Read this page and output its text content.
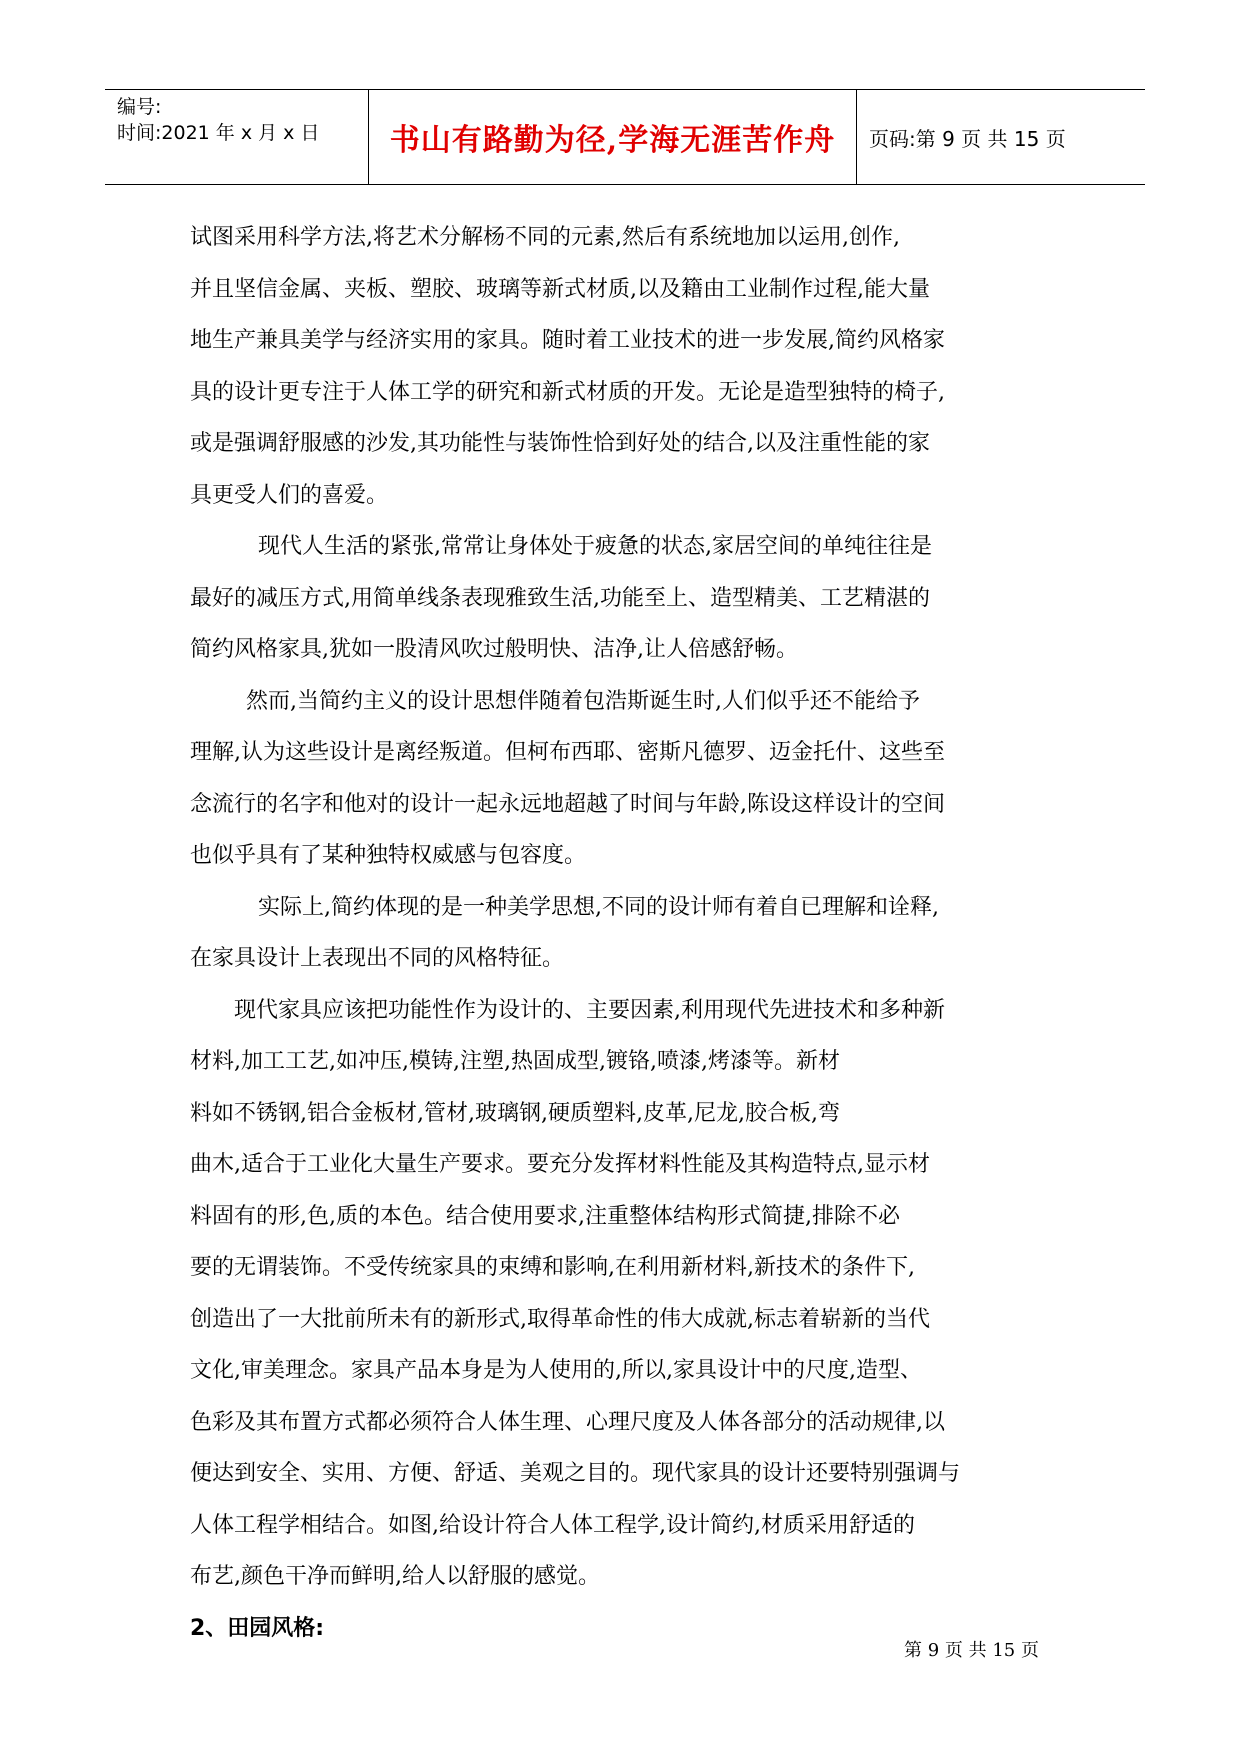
编号:
时间:2021 年 x 月 x 日	书山有路勤为径,学海无涯苦作舟 页码:第 9 页 共 15 页
试图采用科学方法,将艺术分解杨不同的元素,然后有系统地加以运用,创作,
并且坚信金属、夹板、塑胶、玻璃等新式材质,以及籍由工业制作过程,能大量
地生产兼具美学与经济实用的家具。随时着工业技术的进一步发展,简约风格家
具的设计更专注于人体工学的研究和新式材质的开发。无论是造型独特的椅子,
或是强调舒服感的沙发,其功能性与装饰性恰到好处的结合,以及注重性能的家
具更受人们的喜爱。
现代人生活的紧张,常常让身体处于疲惫的状态,家居空间的单纯往往是
最好的减压方式,用简单线条表现雅致生活,功能至上、造型精美、工艺精湛的
简约风格家具,犹如一股清风吹过般明快、洁净,让人倍感舒畅。
然而,当简约主义的设计思想伴随着包浩斯诞生时,人们似乎还不能给予
理解,认为这些设计是离经叛道。但柯布西耶、密斯凡德罗、迈金托什、这些至
念流行的名字和他对的设计一起永远地超越了时间与年龄,陈设这样设计的空间
也似乎具有了某种独特权威感与包容度。
实际上,简约体现的是一种美学思想,不同的设计师有着自已理解和诠释,
在家具设计上表现出不同的风格特征。
现代家具应该把功能性作为设计的、主要因素,利用现代先进技术和多种新
材料,加工工艺,如冲压,模铸,注塑,热固成型,镀铬,喷漆,烤漆等。新材
料如不锈钢,铝合金板材,管材,玻璃钢,硬质塑料,皮革,尼龙,胶合板,弯
曲木,适合于工业化大量生产要求。要充分发挥材料性能及其构造特点,显示材
料固有的形,色,质的本色。结合使用要求,注重整体结构形式简捷,排除不必
要的无谓装饰。不受传统家具的束缚和影响,在利用新材料,新技术的条件下,
创造出了一大批前所未有的新形式,取得革命性的伟大成就,标志着崭新的当代
文化,审美理念。家具产品本身是为人使用的,所以,家具设计中的尺度,造型、
色彩及其布置方式都必须符合人体生理、心理尺度及人体各部分的活动规律,以
便达到安全、实用、方便、舒适、美观之目的。现代家具的设计还要特别强调与
人体工程学相结合。如图,给设计符合人体工程学,设计简约,材质采用舒适的
布艺,颜色干净而鲜明,给人以舒服的感觉。
2、田园风格:
第 9 页 共 15 页
